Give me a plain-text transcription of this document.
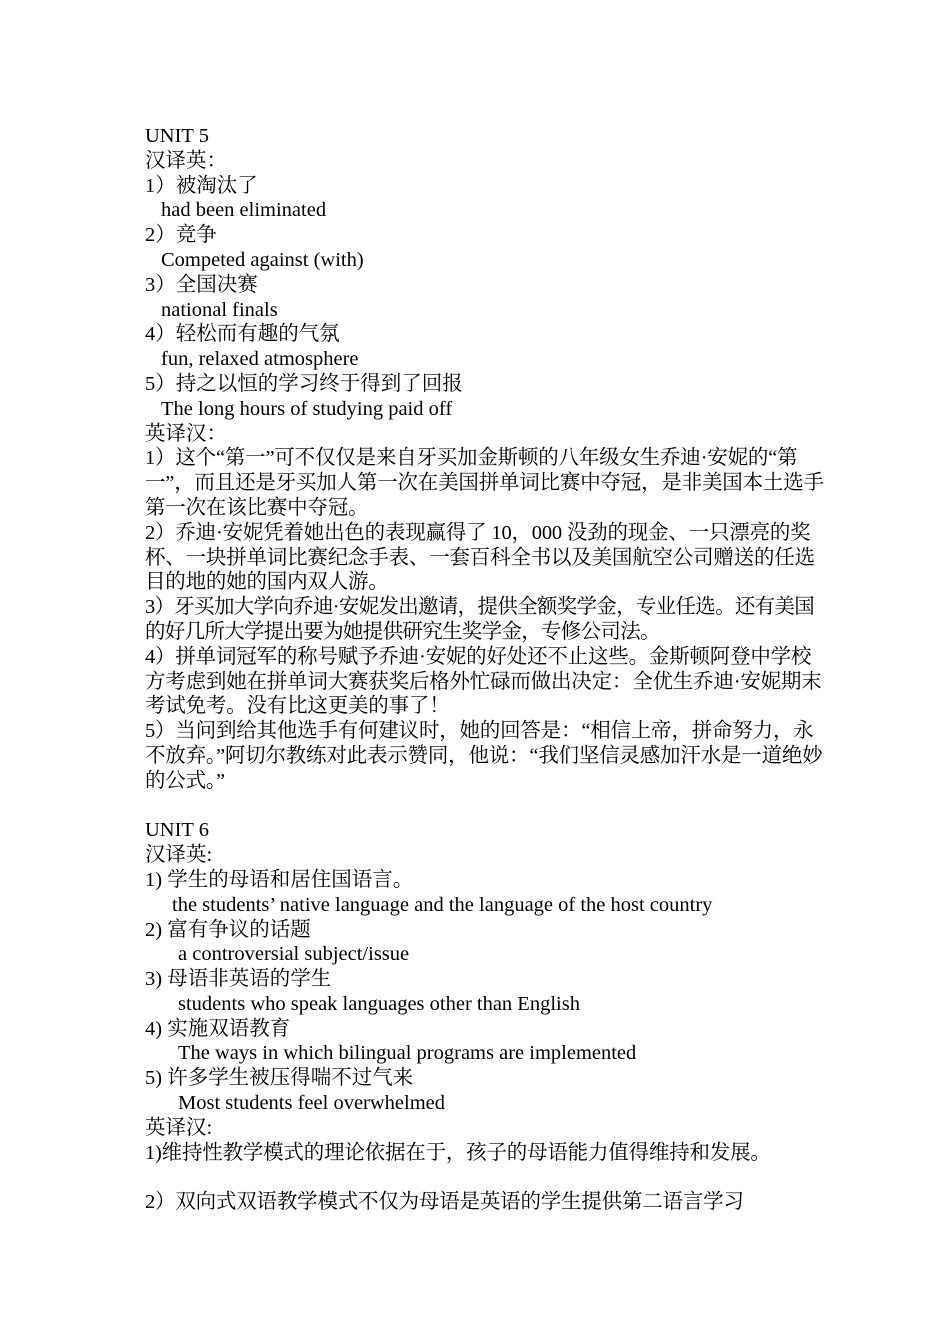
UNIT 5
汉译英：
1）被淘汰了
had been eliminated
2）竞争
Competed against (with)
3）全国决赛
national finals
4）轻松而有趣的气氛
fun, relaxed atmosphere
5）持之以恒的学习终于得到了回报
The long hours of studying paid off
英译汉：
1）这个“第一”可不仅仅是来自牙买加金斯顿的八年级女生乔迪·安妮的“第一”，而且还是牙买加人第一次在美国拼单词比赛中夺冠，是非美国本土选手第一次在该比赛中夺冠。
2）乔迪·安妮凭着她出色的表现赢得了 10，000 没劲的现金、一只漂亮的奖杯、一块拼单词比赛纪念手表、一套百科全书以及美国航空公司赠送的任选目的地的她的国内双人游。
3）牙买加大学向乔迪·安妮发出邀请，提供全额奖学金，专业任选。还有美国的好几所大学提出要为她提供研究生奖学金，专修公司法。
4）拼单词冠军的称号赋予乔迪·安妮的好处还不止这些。金斯顿阿登中学校方考虑到她在拼单词大赛获奖后格外忙碌而做出决定：全优生乔迪·安妮期末考试免考。没有比这更美的事了！
5）当问到给其他选手有何建议时，她的回答是：“相信上帝，拼命努力，永不放弃。”阿切尔教练对此表示赞同，他说：“我们坚信灵感加汗水是一道绝妙的公式。”
UNIT 6
汉译英:
1) 学生的母语和居住国语言。
the students’ native language and the language of the host country
2) 富有争议的话题
a controversial subject/issue
3) 母语非英语的学生
students who speak languages other than English
4) 实施双语教育
The ways in which bilingual programs are implemented
5) 许多学生被压得喘不过气来
Most students feel overwhelmed
英译汉:
1)维持性教学模式的理论依据在于，孩子的母语能力值得维持和发展。
2）双向式双语教学模式不仅为母语是英语的学生提供第二语言学习
